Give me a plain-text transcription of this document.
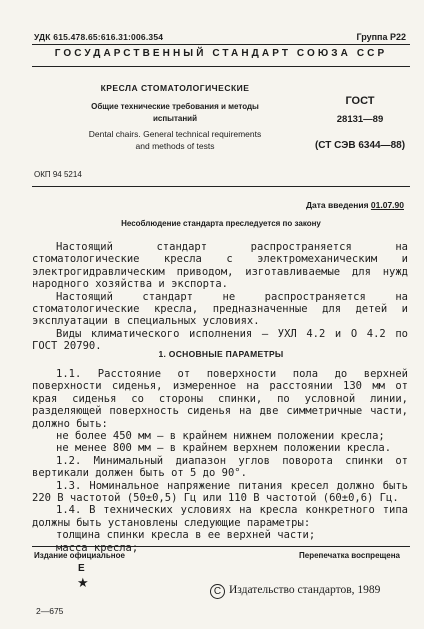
УДК 615.478.65:616.31:006.354	Группа Р22
ГОСУДАРСТВЕННЫЙ СТАНДАРТ СОЮЗА ССР
КРЕСЛА СТОМАТОЛОГИЧЕСКИЕ
Общие технические требования и методы
испытаний
Dental chairs. General technical requirements
and methods of tests
ГОСТ
28131—89
(СТ СЭВ 6344—88)
ОКП 94 5214
Дата введения 01.07.90
Несоблюдение стандарта преследуется по закону

Настоящий стандарт распространяется на стоматологические кресла с электромеханическим и электрогидравлическим приводом, изготавливаемые для нужд народного хозяйства и экспорта.

Настоящий стандарт не распространяется на стоматологические кресла, предназначенные для детей и эксплуатации в специальных условиях.

Виды климатического исполнения — УХЛ 4.2 и О 4.2 по ГОСТ 20790.

1. ОСНОВНЫЕ ПАРАМЕТРЫ

1.1. Расстояние от поверхности пола до верхней поверхности сиденья, измеренное на расстоянии 130 мм от края сиденья со стороны спинки, по условной линии, разделяющей поверхность сиденья на две симметричные части, должно быть:

не более 450 мм — в крайнем нижнем положении кресла;

не менее 800 мм — в крайнем верхнем положении кресла.

1.2. Минимальный диапазон углов поворота спинки от вертикали должен быть от 5 до 90°.

1.3. Номинальное напряжение питания кресел должно быть 220 В частотой (50±0,5) Гц или 110 В частотой (60±0,6) Гц.

1.4. В технических условиях на кресла конкретного типа должны быть установлены следующие параметры:

толщина спинки кресла в ее верхней части;

масса кресла;

Издание официальное	Перепечатка воспрещена
Е
★
C Издательство стандартов, 1989
2—675
